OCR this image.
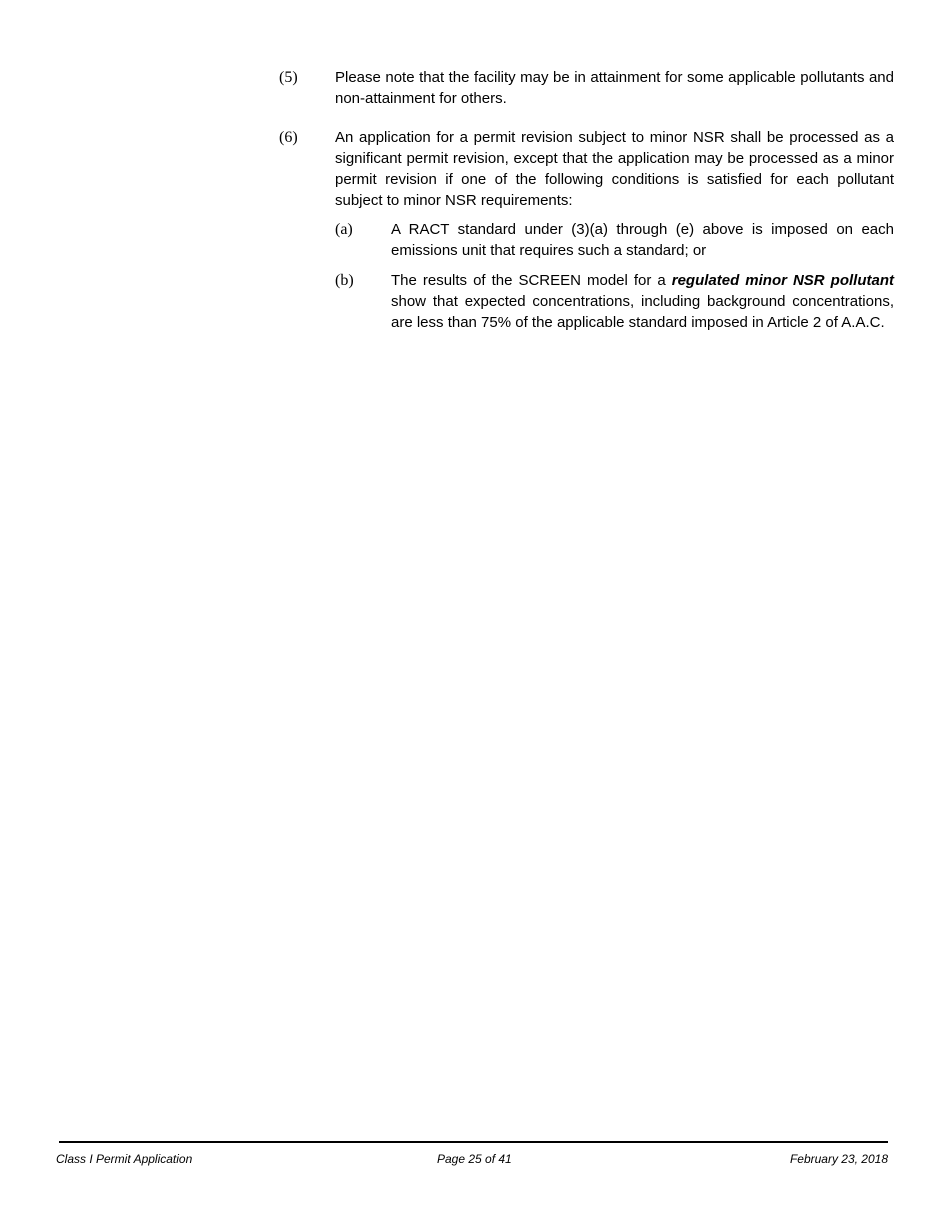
(5) Please note that the facility may be in attainment for some applicable pollutants and non-attainment for others.
(6) An application for a permit revision subject to minor NSR shall be processed as a significant permit revision, except that the application may be processed as a minor permit revision if one of the following conditions is satisfied for each pollutant subject to minor NSR requirements:
(a)	A RACT standard under (3)(a) through (e) above is imposed on each emissions unit that requires such a standard; or
(b) The results of the SCREEN model for a regulated minor NSR pollutant show that expected concentrations, including background concentrations, are less than 75% of the applicable standard imposed in Article 2 of A.A.C.
Class I Permit Application	Page 25 of 41	February 23, 2018
